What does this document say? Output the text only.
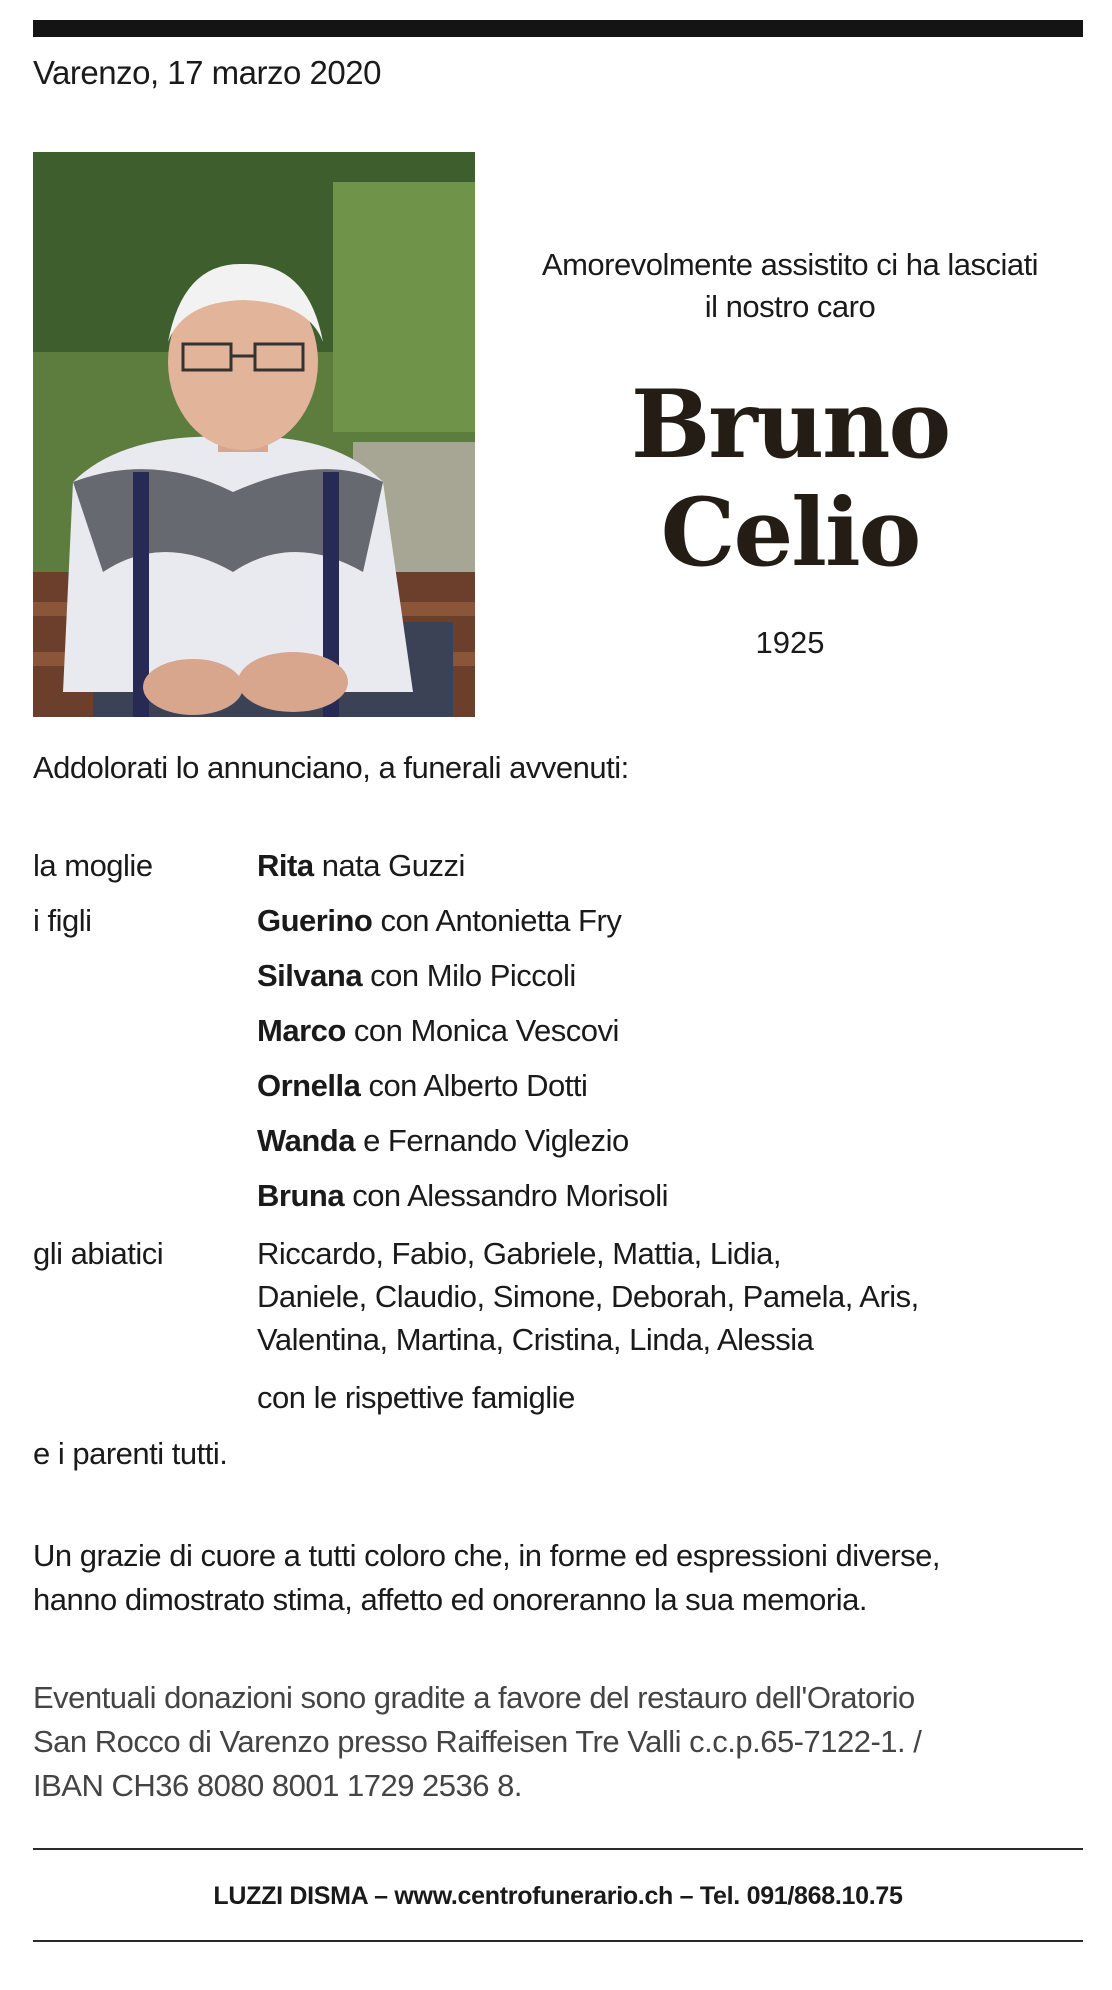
Varenzo, 17 marzo 2020
Amorevolmente assistito ci ha lasciati
il nostro caro
Bruno
Celio
1925
Addolorati lo annunciano, a funerali avvenuti:
la moglie	Rita nata Guzzi
i figli	Guerino con Antonietta Fry
Silvana con Milo Piccoli
Marco con Monica Vescovi
Ornella con Alberto Dotti
Wanda e Fernando Viglezio
Bruna con Alessandro Morisoli
gli abiatici	Riccardo, Fabio, Gabriele, Mattia, Lidia,
Daniele, Claudio, Simone, Deborah, Pamela, Aris,
Valentina, Martina, Cristina, Linda, Alessia
con le rispettive famiglie
e i parenti tutti.
Un grazie di cuore a tutti coloro che, in forme ed espressioni diverse,
hanno dimostrato stima, affetto ed onoreranno la sua memoria.
Eventuali donazioni sono gradite a favore del restauro dell'Oratorio
San Rocco di Varenzo presso Raiffeisen Tre Valli c.c.p.65-7122-1. /
IBAN CH36 8080 8001 1729 2536 8.
LUZZI DISMA – www.centrofunerario.ch – Tel. 091/868.10.75
